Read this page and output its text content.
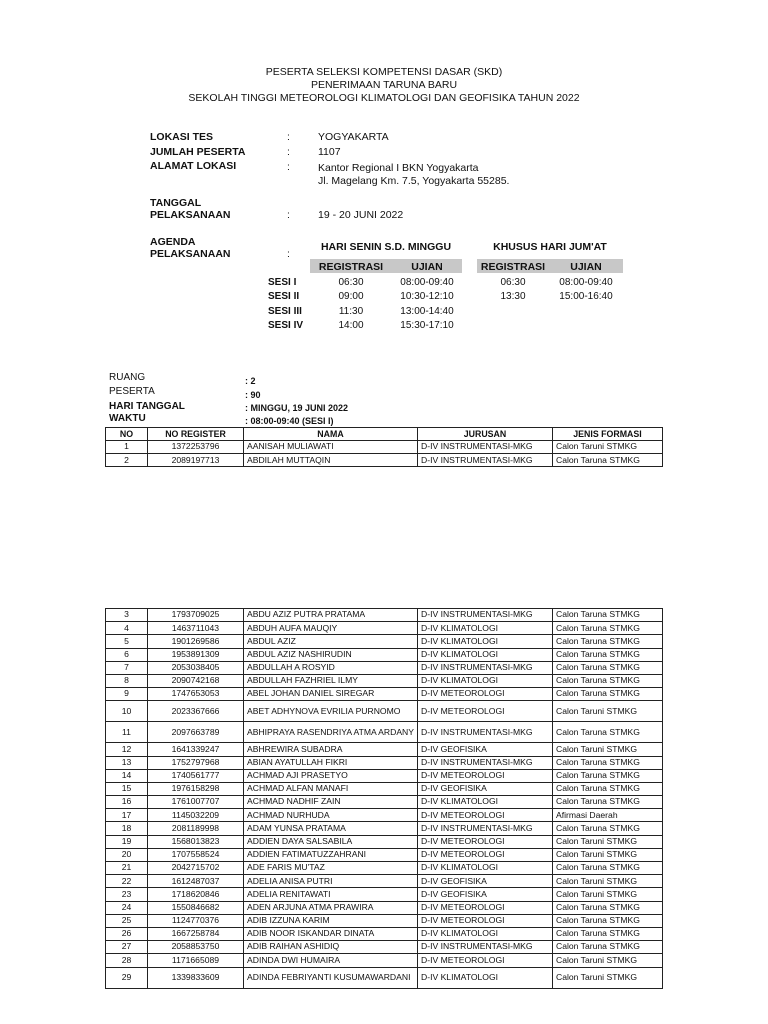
PESERTA SELEKSI KOMPETENSI DASAR (SKD)
PENERIMAAN TARUNA BARU
SEKOLAH TINGGI METEOROLOGI KLIMATOLOGI DAN GEOFISIKA TAHUN 2022
LOKASI TES	:	YOGYAKARTA
JUMLAH PESERTA	:	1107
ALAMAT LOKASI	:	Kantor Regional I BKN Yogyakarta
Jl. Magelang Km. 7.5, Yogyakarta 55285.
TANGGAL
PELAKSANAAN	:	19 - 20 JUNI 2022
AGENDA
PELAKSANAAN	:
HARI SENIN S.D. MINGGU	KHUSUS HARI JUM'AT
REGISTRASI	UJIAN	REGISTRASI	UJIAN
SESI I	06:30	08:00-09:40	06:30	08:00-09:40
SESI II	09:00	10:30-12:10	13:30	15:00-16:40
SESI III	11:30	13:00-14:40
SESI IV	14:00	15:30-17:10
RUANG	: 2
PESERTA	: 90
HARI TANGGAL	: MINGGU, 19 JUNI 2022
WAKTU	: 08:00-09:40 (SESI I)
NO	NO REGISTER	NAMA	JURUSAN	JENIS FORMASI
1	1372253796	AANISAH MULIAWATI	D-IV INSTRUMENTASI-MKG	Calon Taruni STMKG
2	2089197713	ABDILAH MUTTAQIN	D-IV INSTRUMENTASI-MKG	Calon Taruna STMKG
3	1793709025	ABDU AZIZ PUTRA PRATAMA	D-IV INSTRUMENTASI-MKG	Calon Taruna STMKG
4	1463711043	ABDUH AUFA MAUQIY	D-IV KLIMATOLOGI	Calon Taruna STMKG
5	1901269586	ABDUL AZIZ	D-IV KLIMATOLOGI	Calon Taruna STMKG
6	1953891309	ABDUL AZIZ NASHIRUDIN	D-IV KLIMATOLOGI	Calon Taruna STMKG
7	2053038405	ABDULLAH A ROSYID	D-IV INSTRUMENTASI-MKG	Calon Taruna STMKG
8	2090742168	ABDULLAH FAZHRIEL ILMY	D-IV KLIMATOLOGI	Calon Taruna STMKG
9	1747653053	ABEL JOHAN DANIEL SIREGAR	D-IV METEOROLOGI	Calon Taruna STMKG
10	2023367666	ABET ADHYNOVA EVRILIA PURNOMO	D-IV METEOROLOGI	Calon Taruni STMKG
11	2097663789	ABHIPRAYA RASENDRIYA ATMA ARDANY	D-IV INSTRUMENTASI-MKG	Calon Taruna STMKG
12	1641339247	ABHREWIRA SUBADRA	D-IV GEOFISIKA	Calon Taruni STMKG
13	1752797968	ABIAN AYATULLAH FIKRI	D-IV INSTRUMENTASI-MKG	Calon Taruna STMKG
14	1740561777	ACHMAD AJI PRASETYO	D-IV METEOROLOGI	Calon Taruna STMKG
15	1976158298	ACHMAD ALFAN MANAFI	D-IV GEOFISIKA	Calon Taruna STMKG
16	1761007707	ACHMAD NADHIF ZAIN	D-IV KLIMATOLOGI	Calon Taruna STMKG
17	1145032209	ACHMAD NURHUDA	D-IV METEOROLOGI	Afirmasi Daerah
18	2081189998	ADAM YUNSA PRATAMA	D-IV INSTRUMENTASI-MKG	Calon Taruna STMKG
19	1568013823	ADDIEN DAYA SALSABILA	D-IV METEOROLOGI	Calon Taruni STMKG
20	1707558524	ADDIEN FATIMATUZZAHRANI	D-IV METEOROLOGI	Calon Taruni STMKG
21	2042715702	ADE FARIS MU'TAZ	D-IV KLIMATOLOGI	Calon Taruna STMKG
22	1612487037	ADELIA ANISA PUTRI	D-IV GEOFISIKA	Calon Taruni STMKG
23	1718620846	ADELIA RENITAWATI	D-IV GEOFISIKA	Calon Taruni STMKG
24	1550846682	ADEN ARJUNA ATMA PRAWIRA	D-IV METEOROLOGI	Calon Taruna STMKG
25	1124770376	ADIB IZZUNA KARIM	D-IV METEOROLOGI	Calon Taruna STMKG
26	1667258784	ADIB NOOR ISKANDAR DINATA	D-IV KLIMATOLOGI	Calon Taruna STMKG
27	2058853750	ADIB RAIHAN ASHIDIQ	D-IV INSTRUMENTASI-MKG	Calon Taruna STMKG
28	1171665089	ADINDA DWI HUMAIRA	D-IV METEOROLOGI	Calon Taruni STMKG
29	1339833609	ADINDA FEBRIYANTI KUSUMAWARDANI	D-IV KLIMATOLOGI	Calon Taruni STMKG
